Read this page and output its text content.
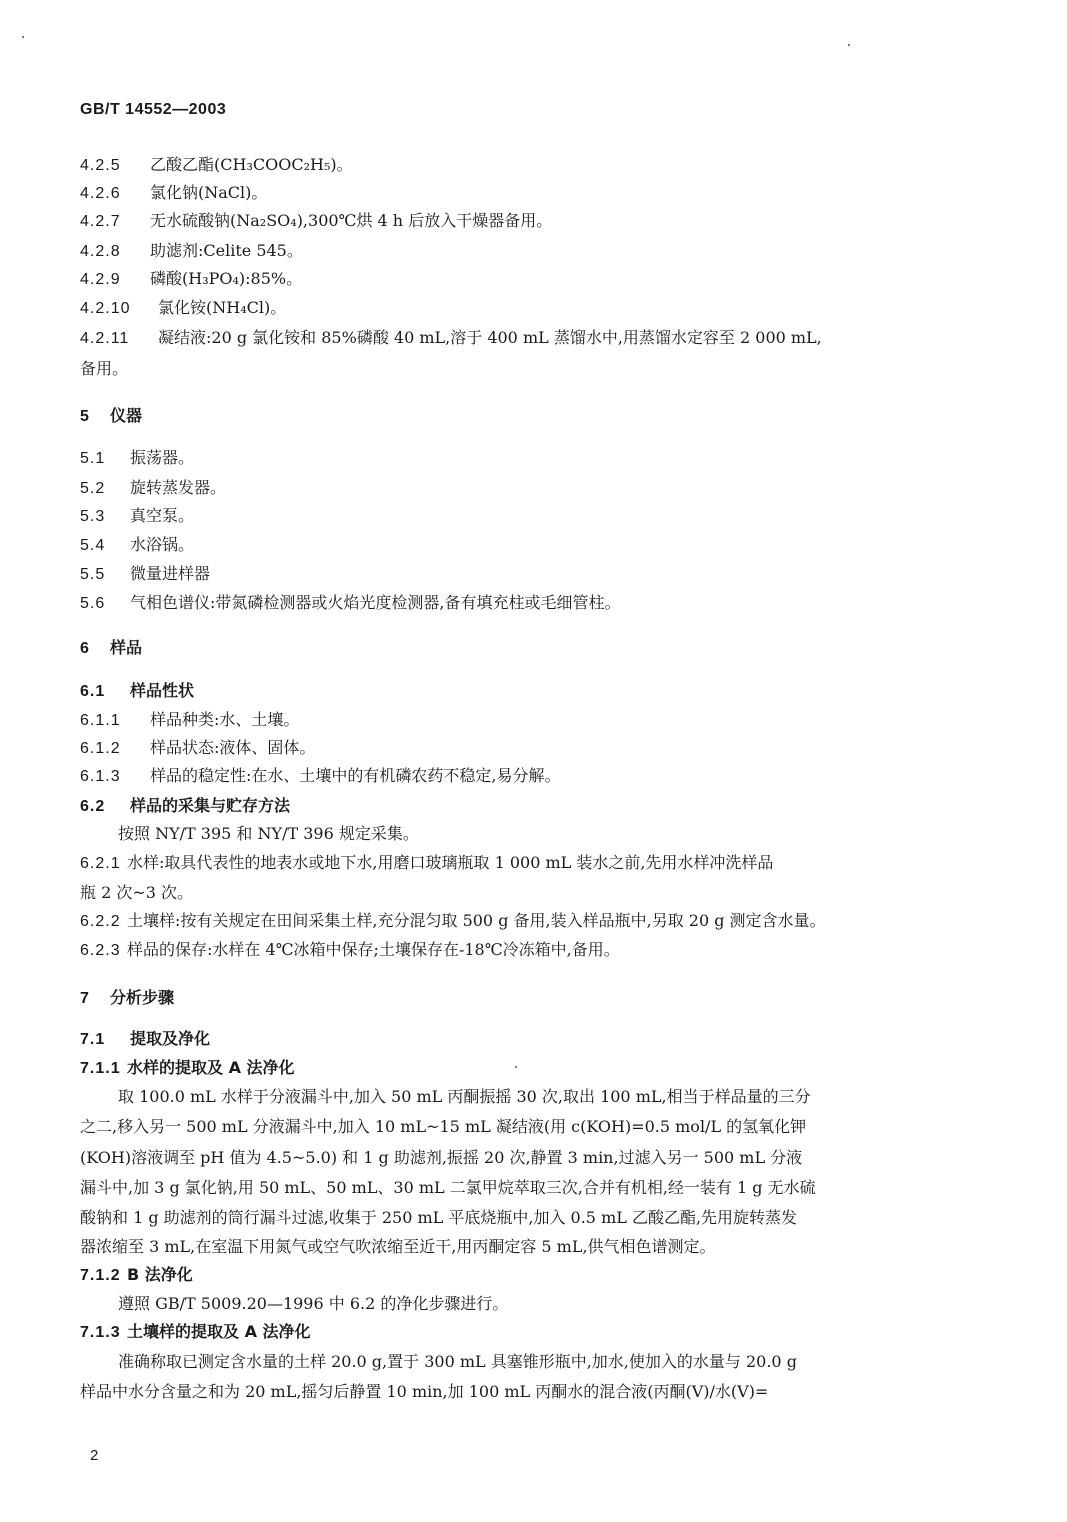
GB/T 14552—2003
4.2.5 乙酸乙酯(CH₃COOC₂H₅)。
4.2.6 氯化钠(NaCl)。
4.2.7 无水硫酸钠(Na₂SO₄),300℃烘 4 h 后放入干燥器备用。
4.2.8 助滤剂:Celite 545。
4.2.9 磷酸(H₃PO₄):85%。
4.2.10 氯化铵(NH₄Cl)。
4.2.11 凝结液:20 g 氯化铵和 85%磷酸 40 mL,溶于 400 mL 蒸馏水中,用蒸馏水定容至 2 000 mL,
备用。
5 仪器
5.1 振荡器。
5.2 旋转蒸发器。
5.3 真空泵。
5.4 水浴锅。
5.5 微量进样器
5.6 气相色谱仪:带氮磷检测器或火焰光度检测器,备有填充柱或毛细管柱。
6 样品
6.1 样品性状
6.1.1 样品种类:水、土壤。
6.1.2 样品状态:液体、固体。
6.1.3 样品的稳定性:在水、土壤中的有机磷农药不稳定,易分解。
6.2 样品的采集与贮存方法
按照 NY/T 395 和 NY/T 396 规定采集。
6.2.1 水样:取具代表性的地表水或地下水,用磨口玻璃瓶取 1 000 mL 装水之前,先用水样冲洗样品
瓶 2 次~3 次。
6.2.2 土壤样:按有关规定在田间采集土样,充分混匀取 500 g 备用,装入样品瓶中,另取 20 g 测定含水量。
6.2.3 样品的保存:水样在 4℃冰箱中保存;土壤保存在-18℃冷冻箱中,备用。
7 分析步骤
7.1 提取及净化
7.1.1 水样的提取及 A 法净化
取 100.0 mL 水样于分液漏斗中,加入 50 mL 丙酮振摇 30 次,取出 100 mL,相当于样品量的三分
之二,移入另一 500 mL 分液漏斗中,加入 10 mL~15 mL 凝结液(用 c(KOH)=0.5 mol/L 的氢氧化钾
(KOH)溶液调至 pH 值为 4.5~5.0) 和 1 g 助滤剂,振摇 20 次,静置 3 min,过滤入另一 500 mL 分液
漏斗中,加 3 g 氯化钠,用 50 mL、50 mL、30 mL 二氯甲烷萃取三次,合并有机相,经一装有 1 g 无水硫
酸钠和 1 g 助滤剂的筒行漏斗过滤,收集于 250 mL 平底烧瓶中,加入 0.5 mL 乙酸乙酯,先用旋转蒸发
器浓缩至 3 mL,在室温下用氮气或空气吹浓缩至近干,用丙酮定容 5 mL,供气相色谱测定。
7.1.2 B 法净化
遵照 GB/T 5009.20—1996 中 6.2 的净化步骤进行。
7.1.3 土壤样的提取及 A 法净化
准确称取已测定含水量的土样 20.0 g,置于 300 mL 具塞锥形瓶中,加水,使加入的水量与 20.0 g
样品中水分含量之和为 20 mL,摇匀后静置 10 min,加 100 mL 丙酮水的混合液(丙酮(V)/水(V)=
2
